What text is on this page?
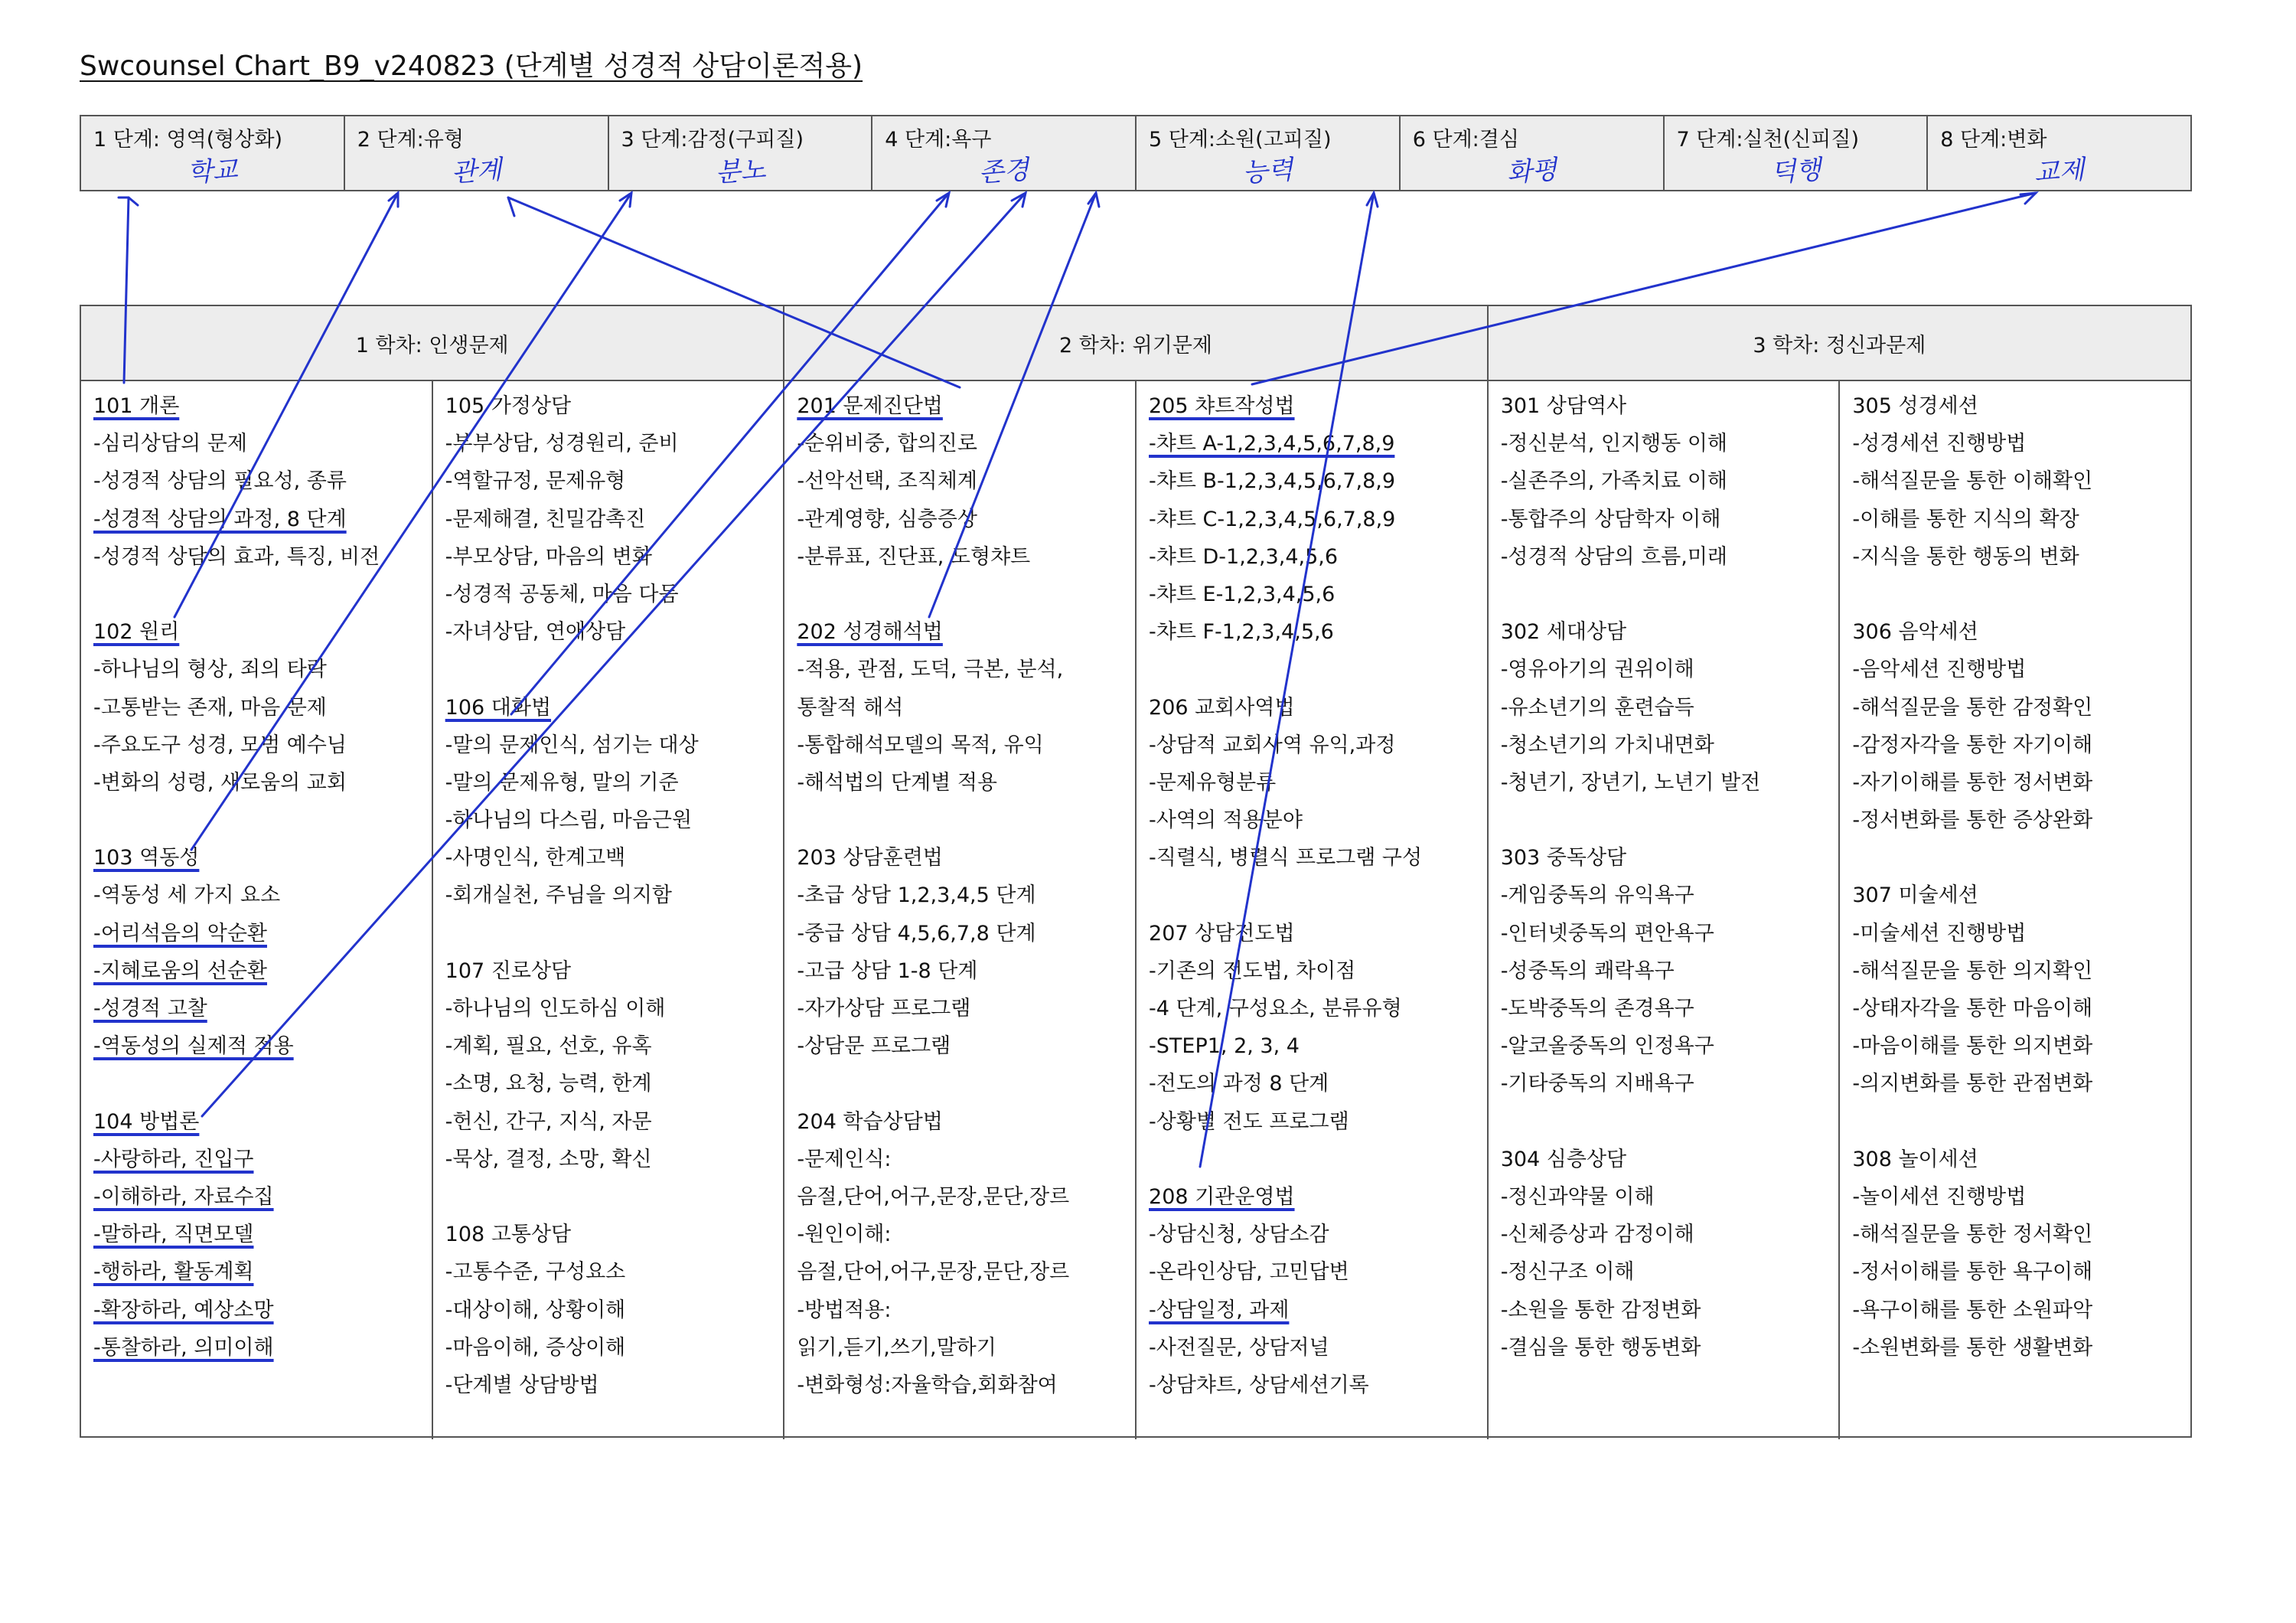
Swcounsel Chart_B9_v240823 (단계별 성경적 상담이론적용)
1 단계: 영역(형상화)
학교
2 단계:유형
관계
3 단계:감정(구피질)
분노
4 단계:욕구
존경
5 단계:소원(고피질)
능력
6 단계:결심
화평
7 단계:실천(신피질)
덕행
8 단계:변화
교제
1 학차: 인생문제	2 학차: 위기문제	3 학차: 정신과문제
101 개론
-심리상담의 문제
-성경적 상담의 필요성, 종류
-성경적 상담의 과정, 8 단계
-성경적 상담의 효과, 특징, 비전
102 원리
-하나님의 형상, 죄의 타락
-고통받는 존재, 마음 문제
-주요도구 성경, 모범 예수님
-변화의 성령, 새로움의 교회
103 역동성
-역동성 세 가지 요소
-어리석음의 악순환
-지혜로움의 선순환
-성경적 고찰
-역동성의 실제적 적용
104 방법론
-사랑하라, 진입구
-이해하라, 자료수집
-말하라, 직면모델
-행하라, 활동계획
-확장하라, 예상소망
-통찰하라, 의미이해
105 가정상담
-부부상담, 성경원리, 준비
-역할규정, 문제유형
-문제해결, 친밀감촉진
-부모상담, 마음의 변화
-성경적 공동체, 마음 다듬
-자녀상담, 연애상담
106 대화법
-말의 문제인식, 섬기는 대상
-말의 문제유형, 말의 기준
-하나님의 다스림, 마음근원
-사명인식, 한계고백
-회개실천, 주님을 의지함
107 진로상담
-하나님의 인도하심 이해
-계획, 필요, 선호, 유혹
-소명, 요청, 능력, 한계
-헌신, 간구, 지식, 자문
-묵상, 결정, 소망, 확신
108 고통상담
-고통수준, 구성요소
-대상이해, 상황이해
-마음이해, 증상이해
-단계별 상담방법
201 문제진단법
-순위비중, 합의진로
-선악선택, 조직체계
-관계영향, 심층증상
-분류표, 진단표, 도형챠트
202 성경해석법
-적용, 관점, 도덕, 극본, 분석,
통찰적 해석
-통합해석모델의 목적, 유익
-해석법의 단계별 적용
203 상담훈련법
-초급 상담 1,2,3,4,5 단계
-중급 상담 4,5,6,7,8 단계
-고급 상담 1-8 단계
-자가상담 프로그램
-상담문 프로그램
204 학습상담법
-문제인식:
음절,단어,어구,문장,문단,장르
-원인이해:
음절,단어,어구,문장,문단,장르
-방법적용:
읽기,듣기,쓰기,말하기
-변화형성:자율학습,회화참여
205 챠트작성법
-챠트 A-1,2,3,4,5,6,7,8,9
-챠트 B-1,2,3,4,5,6,7,8,9
-챠트 C-1,2,3,4,5,6,7,8,9
-챠트 D-1,2,3,4,5,6
-챠트 E-1,2,3,4,5,6
-챠트 F-1,2,3,4,5,6
206 교회사역법
-상담적 교회사역 유익,과정
-문제유형분류
-사역의 적용분야
-직렬식, 병렬식 프로그램 구성
207 상담전도법
-기존의 전도법, 차이점
-4 단계, 구성요소, 분류유형
-STEP1, 2, 3, 4
-전도의 과정 8 단계
-상황별 전도 프로그램
208 기관운영법
-상담신청, 상담소감
-온라인상담, 고민답변
-상담일정, 과제
-사전질문, 상담저널
-상담챠트, 상담세션기록
301 상담역사
-정신분석, 인지행동 이해
-실존주의, 가족치료 이해
-통합주의 상담학자 이해
-성경적 상담의 흐름,미래
302 세대상담
-영유아기의 권위이해
-유소년기의 훈련습득
-청소년기의 가치내면화
-청년기, 장년기, 노년기 발전
303 중독상담
-게임중독의 유익욕구
-인터넷중독의 편안욕구
-성중독의 쾌락욕구
-도박중독의 존경욕구
-알코올중독의 인정욕구
-기타중독의 지배욕구
304 심층상담
-정신과약물 이해
-신체증상과 감정이해
-정신구조 이해
-소원을 통한 감정변화
-결심을 통한 행동변화
305 성경세션
-성경세션 진행방법
-해석질문을 통한 이해확인
-이해를 통한 지식의 확장
-지식을 통한 행동의 변화
306 음악세션
-음악세션 진행방법
-해석질문을 통한 감정확인
-감정자각을 통한 자기이해
-자기이해를 통한 정서변화
-정서변화를 통한 증상완화
307 미술세션
-미술세션 진행방법
-해석질문을 통한 의지확인
-상태자각을 통한 마음이해
-마음이해를 통한 의지변화
-의지변화를 통한 관점변화
308 놀이세션
-놀이세션 진행방법
-해석질문을 통한 정서확인
-정서이해를 통한 욕구이해
-욕구이해를 통한 소원파악
-소원변화를 통한 생활변화
